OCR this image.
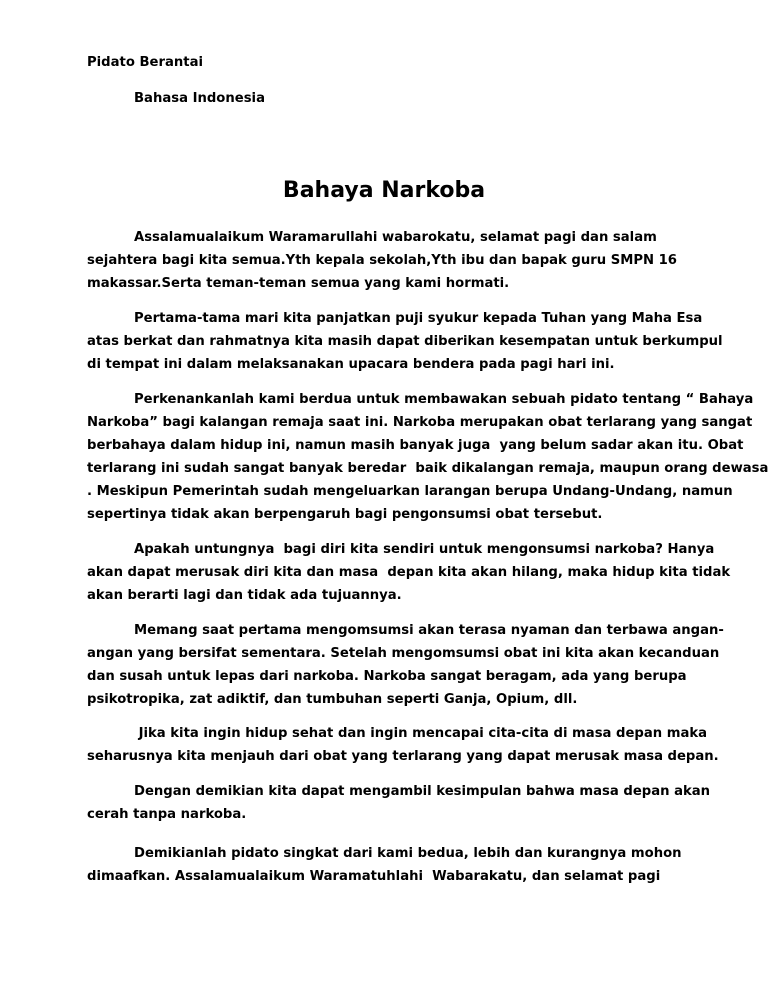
Pidato Berantai
Bahasa Indonesia
Bahaya Narkoba
Assalamualaikum Waramarullahi wabarokatu, selamat pagi dan salam
sejahtera bagi kita semua.Yth kepala sekolah,Yth ibu dan bapak guru SMPN 16
makassar.Serta teman-teman semua yang kami hormati.
Pertama-tama mari kita panjatkan puji syukur kepada Tuhan yang Maha Esa
atas berkat dan rahmatnya kita masih dapat diberikan kesempatan untuk berkumpul
di tempat ini dalam melaksanakan upacara bendera pada pagi hari ini.
Perkenankanlah kami berdua untuk membawakan sebuah pidato tentang “ Bahaya
Narkoba” bagi kalangan remaja saat ini. Narkoba merupakan obat terlarang yang sangat
berbahaya dalam hidup ini, namun masih banyak juga  yang belum sadar akan itu. Obat
terlarang ini sudah sangat banyak beredar  baik dikalangan remaja, maupun orang dewasa
. Meskipun Pemerintah sudah mengeluarkan larangan berupa Undang-Undang, namun
sepertinya tidak akan berpengaruh bagi pengonsumsi obat tersebut.
Apakah untungnya  bagi diri kita sendiri untuk mengonsumsi narkoba? Hanya
akan dapat merusak diri kita dan masa  depan kita akan hilang, maka hidup kita tidak
akan berarti lagi dan tidak ada tujuannya.
Memang saat pertama mengomsumsi akan terasa nyaman dan terbawa angan-
angan yang bersifat sementara. Setelah mengomsumsi obat ini kita akan kecanduan
dan susah untuk lepas dari narkoba. Narkoba sangat beragam, ada yang berupa
psikotropika, zat adiktif, dan tumbuhan seperti Ganja, Opium, dll.
Jika kita ingin hidup sehat dan ingin mencapai cita-cita di masa depan maka
seharusnya kita menjauh dari obat yang terlarang yang dapat merusak masa depan.
Dengan demikian kita dapat mengambil kesimpulan bahwa masa depan akan
cerah tanpa narkoba.
Demikianlah pidato singkat dari kami bedua, lebih dan kurangnya mohon
dimaafkan. Assalamualaikum Waramatuhlahi  Wabarakatu, dan selamat pagi
